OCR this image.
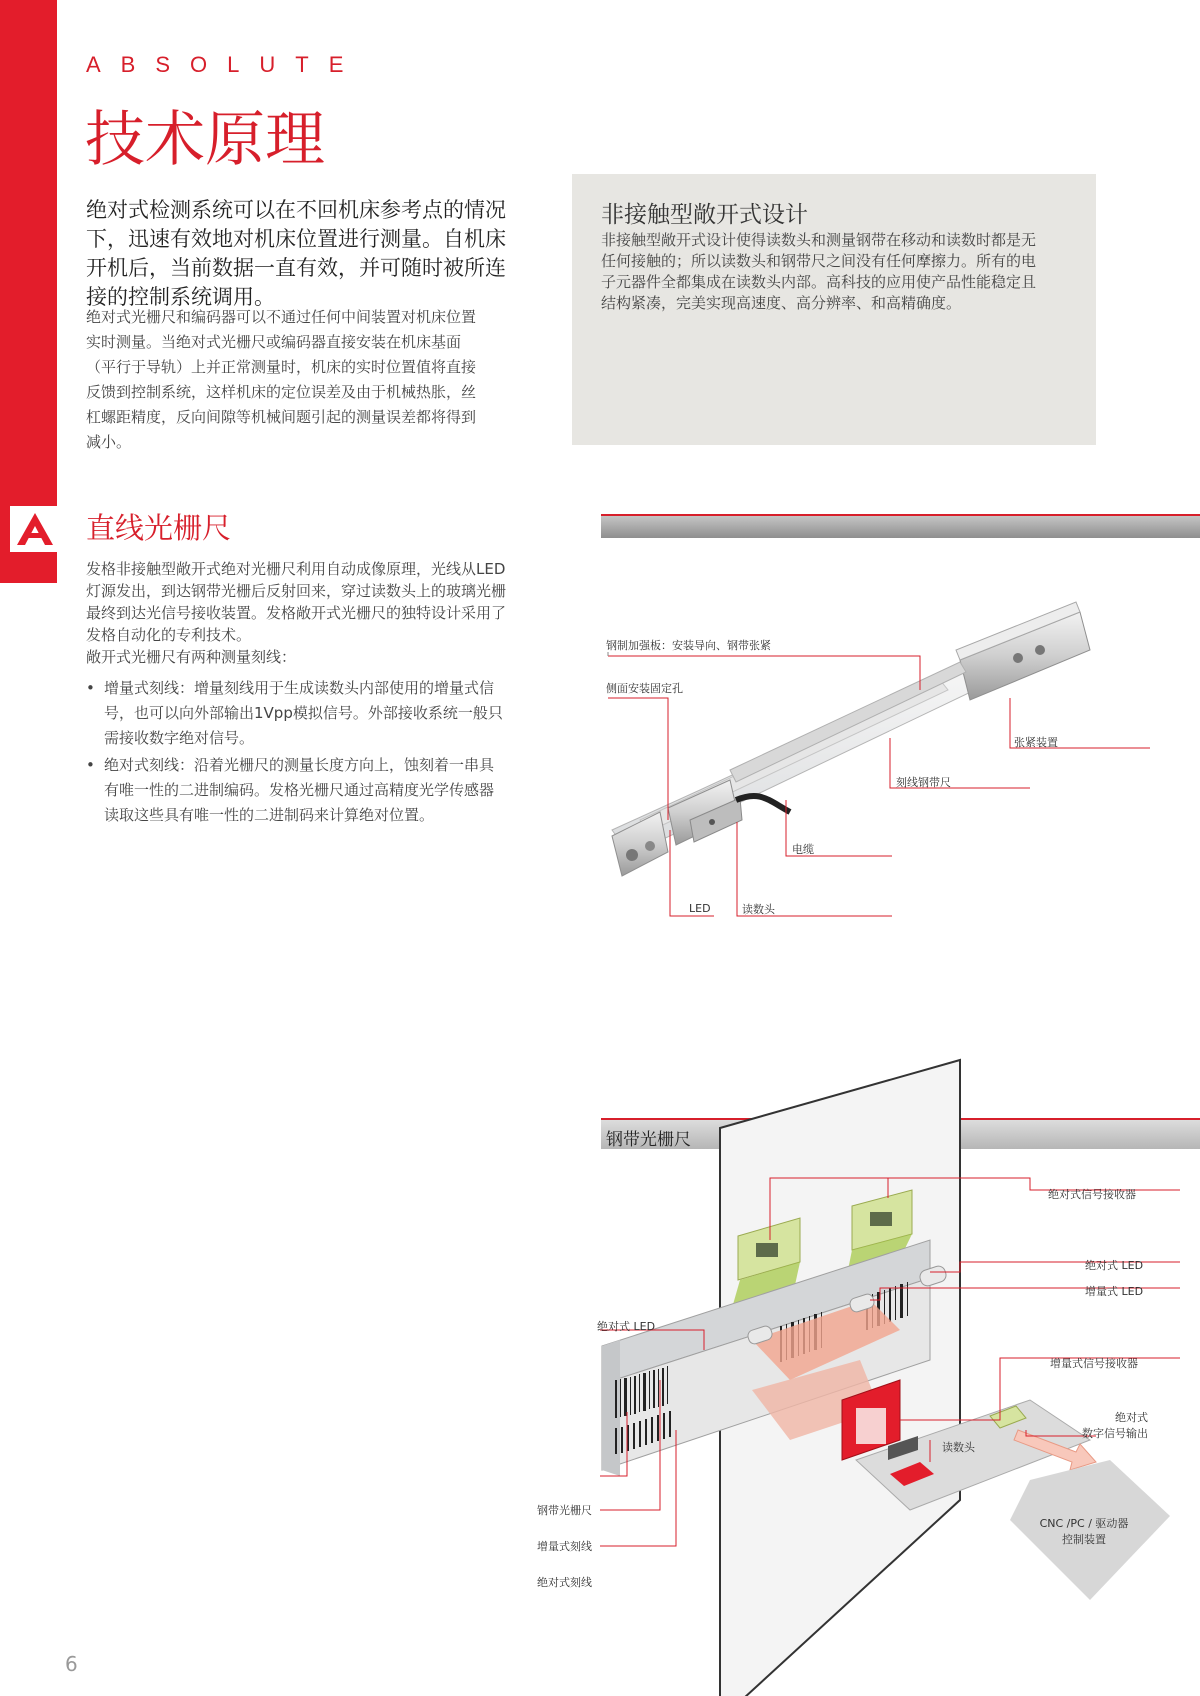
ABSOLUTE
技术原理
绝对式检测系统可以在不回机床参考点的情况下，迅速有效地对机床位置进行测量。自机床开机后，当前数据一直有效，并可随时被所连接的控制系统调用。
绝对式光栅尺和编码器可以不通过任何中间装置对机床位置实时测量。当绝对式光栅尺或编码器直接安装在机床基面（平行于导轨）上并正常测量时，机床的实时位置值将直接反馈到控制系统，这样机床的定位误差及由于机械热胀，丝杠螺距精度，反向间隙等机械间题引起的测量误差都将得到减小。
非接触型敞开式设计
非接触型敞开式设计使得读数头和测量钢带在移动和读数时都是无任何接触的；所以读数头和钢带尺之间没有任何摩擦力。所有的电子元器件全都集成在读数头内部。高科技的应用使产品性能稳定且结构紧凑，完美实现高速度、高分辨率、和高精确度。
直线光栅尺
发格非接触型敞开式绝对光栅尺利用自动成像原理，光线从LED灯源发出，到达钢带光栅后反射回来，穿过读数头上的玻璃光栅最终到达光信号接收装置。发格敞开式光栅尺的独特设计采用了发格自动化的专利技术。
敞开式光栅尺有两种测量刻线：
• 增量式刻线：增量刻线用于生成读数头内部使用的增量式信号，也可以向外部输出1Vpp模拟信号。外部接收系统一般只需接收数字绝对信号。
• 绝对式刻线：沿着光栅尺的测量长度方向上，蚀刻着一串具有唯一性的二进制编码。发格光栅尺通过高精度光学传感器读取这些具有唯一性的二进制码来计算绝对位置。
钢制加强板：安装导向、钢带张紧
侧面安装固定孔
张紧装置
刻线钢带尺
电缆
LED	读数头
钢带光栅尺
绝对式信号接收器
绝对式 LED
增量式 LED
绝对式 LED
增量式信号接收器
绝对式
数字信号输出
读数头
CNC /PC / 驱动器
控制装置
钢带光栅尺
增量式刻线
绝对式刻线
6
